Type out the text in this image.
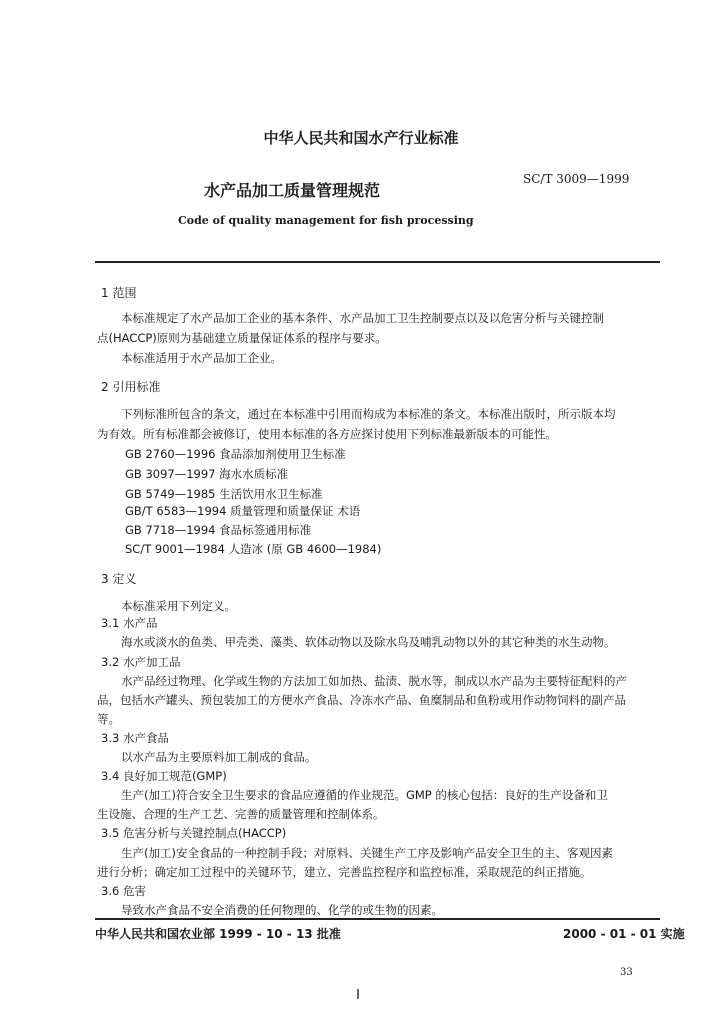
中华人民共和国水产行业标准
水产品加工质量管理规范
SC/T 3009—1999
Code of quality management for fish processing
1 范围
本标准规定了水产品加工企业的基本条件、水产品加工卫生控制要点以及以危害分析与关键控制
点(HACCP)原则为基础建立质量保证体系的程序与要求。
本标准适用于水产品加工企业。
2 引用标准
下列标准所包含的条文，通过在本标准中引用而构成为本标准的条文。本标准出版时，所示版本均
为有效。所有标准都会被修订，使用本标准的各方应探讨使用下列标准最新版本的可能性。
GB 2760—1996 食品添加剂使用卫生标准
GB 3097—1997 海水水质标准
GB 5749—1985 生活饮用水卫生标准
GB/T 6583—1994 质量管理和质量保证 术语
GB 7718—1994 食品标签通用标准
SC/T 9001—1984 人造冰 (原 GB 4600—1984)
3 定义
本标准采用下列定义。
3.1 水产品
海水或淡水的鱼类、甲壳类、藻类、软体动物以及除水鸟及哺乳动物以外的其它种类的水生动物。
3.2 水产加工品
水产品经过物理、化学或生物的方法加工如加热、盐渍、脱水等，制成以水产品为主要特征配料的产
品，包括水产罐头、预包装加工的方便水产食品、冷冻水产品、鱼糜制品和鱼粉或用作动物饲料的副产品
等。
3.3 水产食品
以水产品为主要原料加工制成的食品。
3.4 良好加工规范(GMP)
生产(加工)符合安全卫生要求的食品应遵循的作业规范。GMP 的核心包括：良好的生产设备和卫
生设施、合理的生产工艺、完善的质量管理和控制体系。
3.5 危害分析与关键控制点(HACCP)
生产(加工)安全食品的一种控制手段；对原料、关键生产工序及影响产品安全卫生的主、客观因素
进行分析；确定加工过程中的关键环节，建立、完善监控程序和监控标准，采取规范的纠正措施。
3.6 危害
导致水产食品不安全消费的任何物理的、化学的或生物的因素。
中华人民共和国农业部 1999 - 10 - 13 批准	2000 - 01 - 01 实施
33
